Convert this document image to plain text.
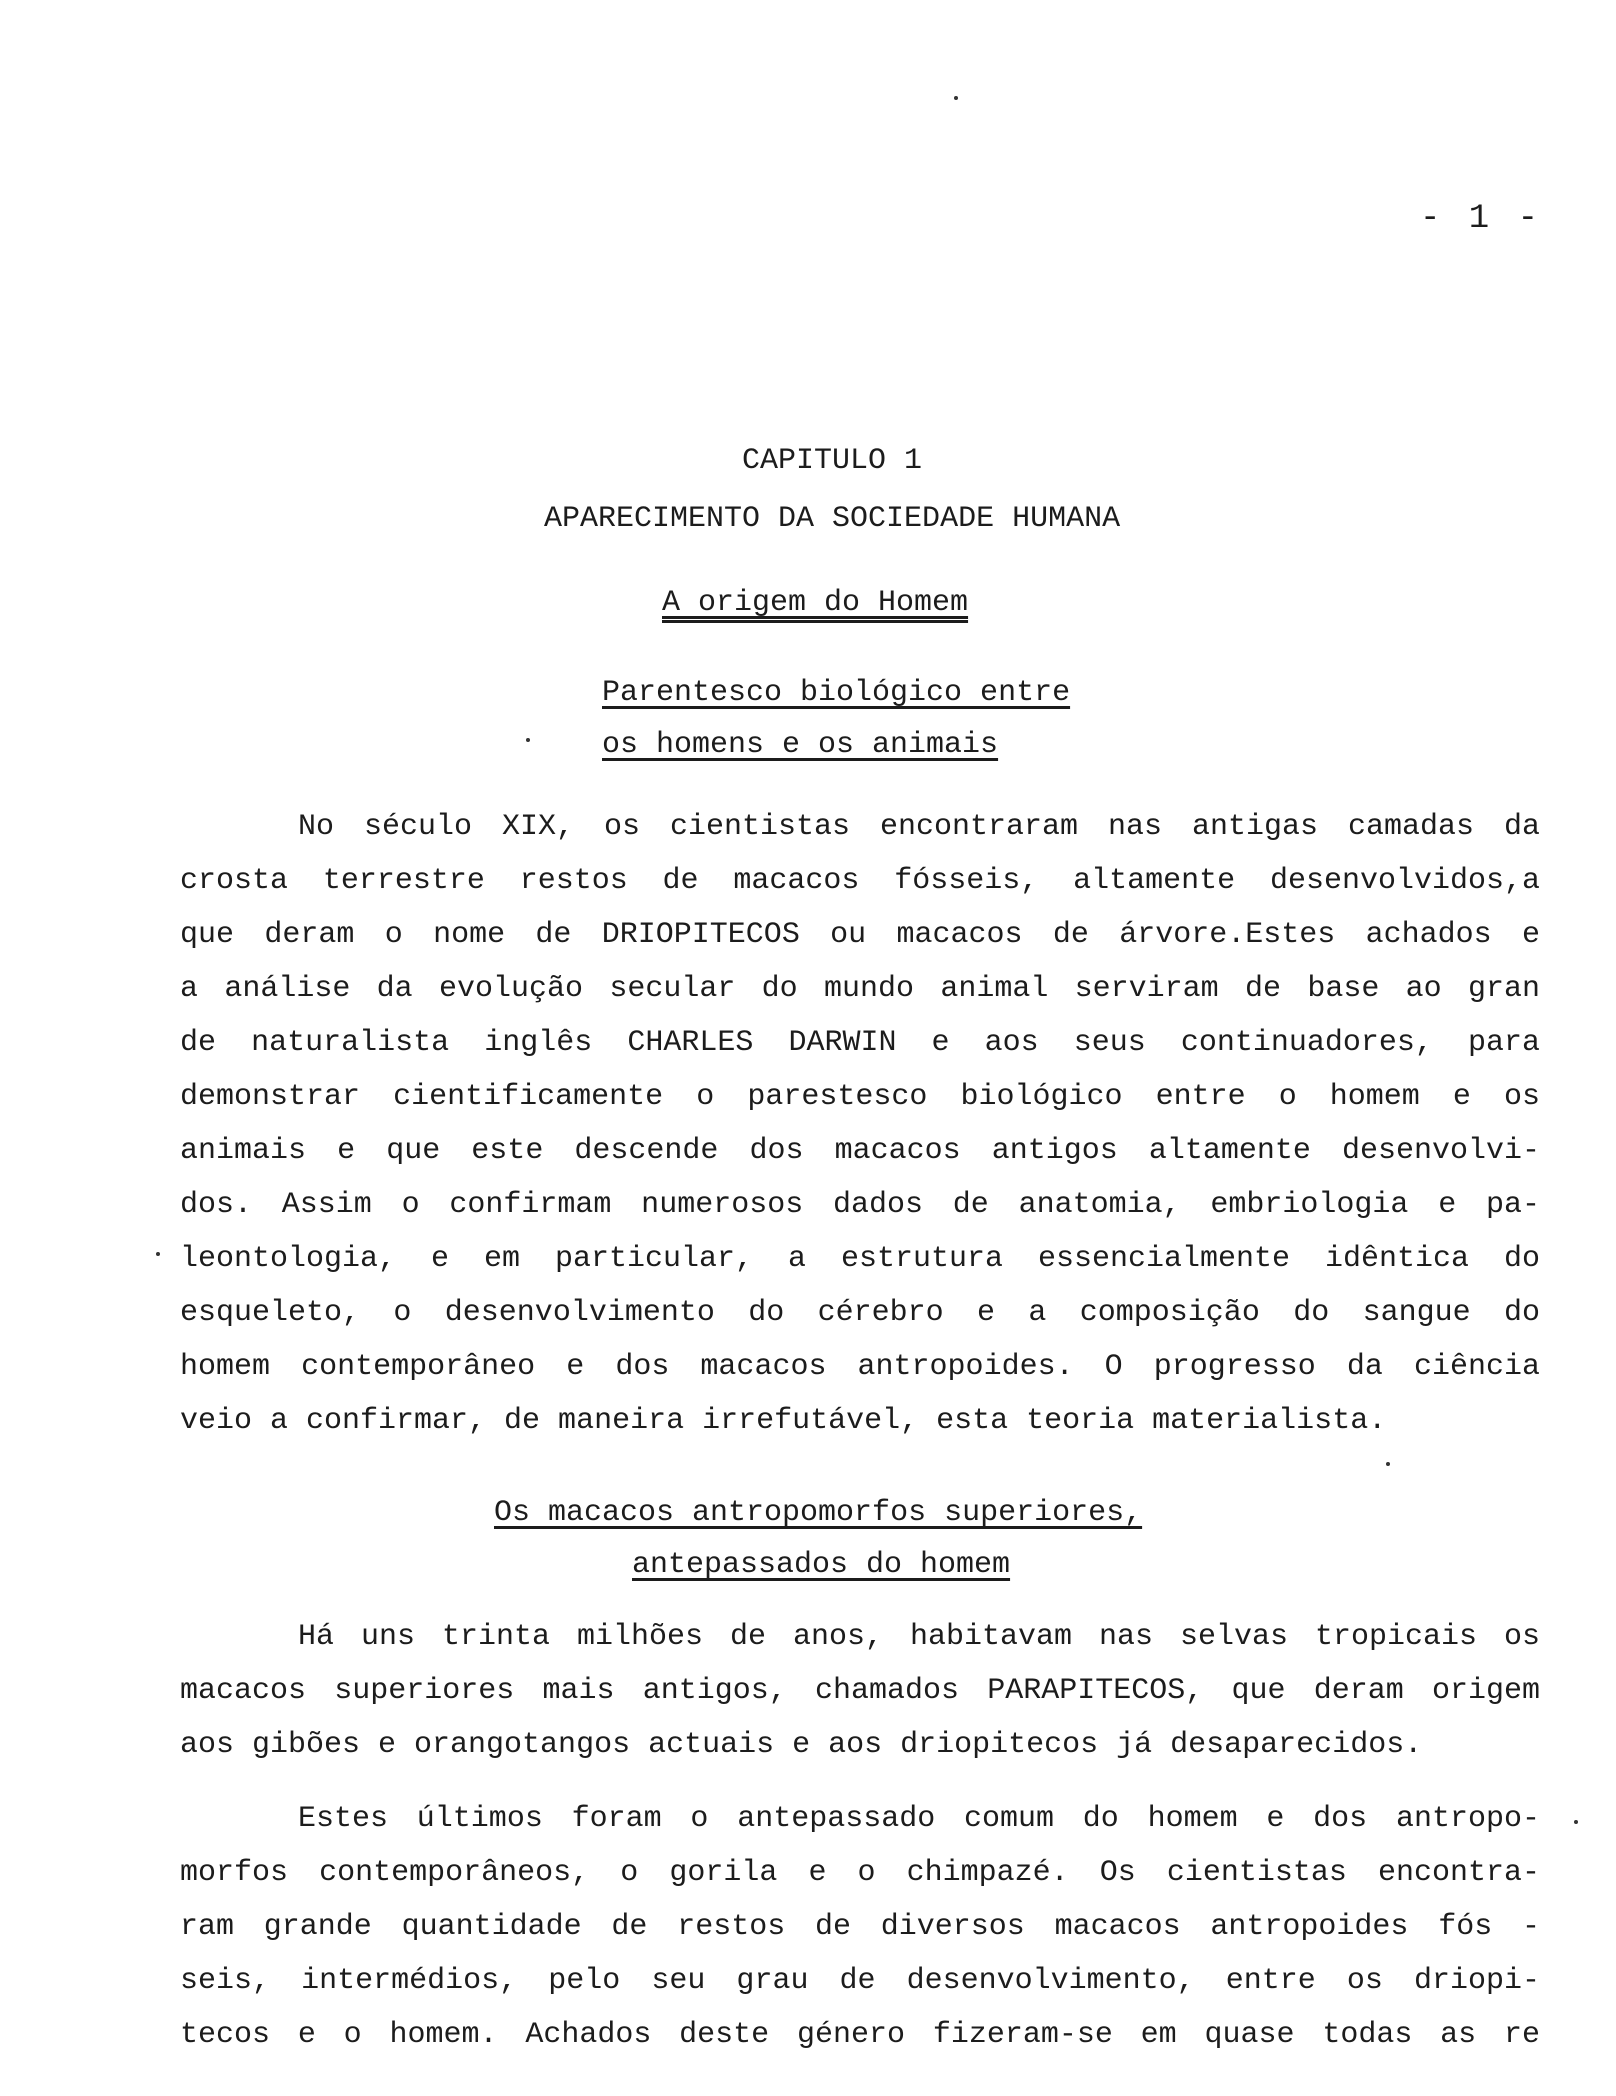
- 1 -
CAPITULO 1
APARECIMENTO DA SOCIEDADE HUMANA
A origem do Homem
Parentesco biológico entre
os homens e os animais
No século XIX, os cientistas encontraram nas antigas camadas da
crosta terrestre restos de macacos fósseis, altamente desenvolvidos,a
que deram o nome de DRIOPITECOS ou macacos de árvore.Estes achados e
a análise da evolução secular do mundo animal serviram de base ao gran
de naturalista inglês CHARLES DARWIN e aos seus continuadores, para
demonstrar cientificamente o parestesco biológico entre o homem e os
animais e que este descende dos macacos antigos altamente desenvolvi-
dos. Assim o confirmam numerosos dados de anatomia, embriologia e pa-
leontologia, e em particular, a estrutura essencialmente idêntica do
esqueleto, o desenvolvimento do cérebro e a composição do sangue do
homem contemporâneo e dos macacos antropoides. O progresso da ciência
veio a confirmar, de maneira irrefutável, esta teoria materialista.
Os macacos antropomorfos superiores,
antepassados do homem
Há uns trinta milhões de anos, habitavam nas selvas tropicais os
macacos superiores mais antigos, chamados PARAPITECOS, que deram origem
aos gibões e orangotangos actuais e aos driopitecos já desaparecidos.
Estes últimos foram o antepassado comum do homem e dos antropo-
morfos contemporâneos, o gorila e o chimpazé. Os cientistas encontra-
ram grande quantidade de restos de diversos macacos antropoides fós -
seis, intermédios, pelo seu grau de desenvolvimento, entre os driopi-
tecos e o homem. Achados deste género fizeram-se em quase todas as re
